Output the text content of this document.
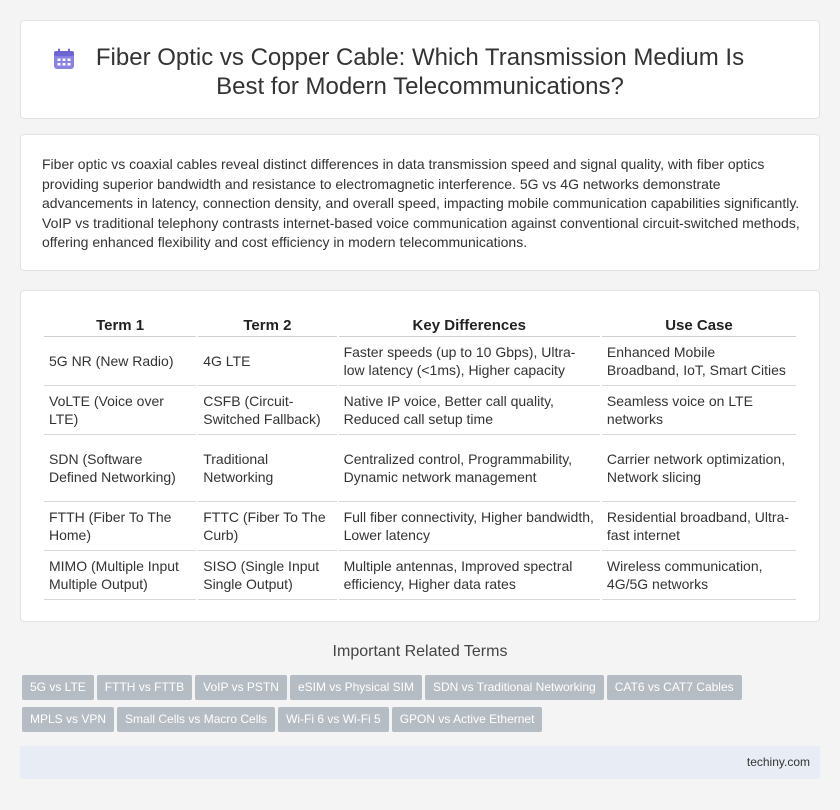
Fiber Optic vs Copper Cable: Which Transmission Medium Is Best for Modern Telecommunications?

Fiber optic vs coaxial cables reveal distinct differences in data transmission speed and signal quality, with fiber optics providing superior bandwidth and resistance to electromagnetic interference. 5G vs 4G networks demonstrate advancements in latency, connection density, and overall speed, impacting mobile communication capabilities significantly. VoIP vs traditional telephony contrasts internet-based voice communication against conventional circuit-switched methods, offering enhanced flexibility and cost efficiency in modern telecommunications.

Term 1	Term 2	Key Differences	Use Case
5G NR (New Radio)	4G LTE	Faster speeds (up to 10 Gbps), Ultra-low latency (<1ms), Higher capacity	Enhanced Mobile Broadband, IoT, Smart Cities
VoLTE (Voice over LTE)	CSFB (Circuit-Switched Fallback)	Native IP voice, Better call quality, Reduced call setup time	Seamless voice on LTE networks
SDN (Software Defined Networking)	Traditional Networking	Centralized control, Programmability, Dynamic network management	Carrier network optimization, Network slicing
FTTH (Fiber To The Home)	FTTC (Fiber To The Curb)	Full fiber connectivity, Higher bandwidth, Lower latency	Residential broadband, Ultra-fast internet
MIMO (Multiple Input Multiple Output)	SISO (Single Input Single Output)	Multiple antennas, Improved spectral efficiency, Higher data rates	Wireless communication, 4G/5G networks
Important Related Terms
5G vs LTE FTTH vs FTTB VoIP vs PSTN eSIM vs Physical SIM SDN vs Traditional Networking CAT6 vs CAT7 Cables
MPLS vs VPN Small Cells vs Macro Cells Wi-Fi 6 vs Wi-Fi 5 GPON vs Active Ethernet
techiny.com
